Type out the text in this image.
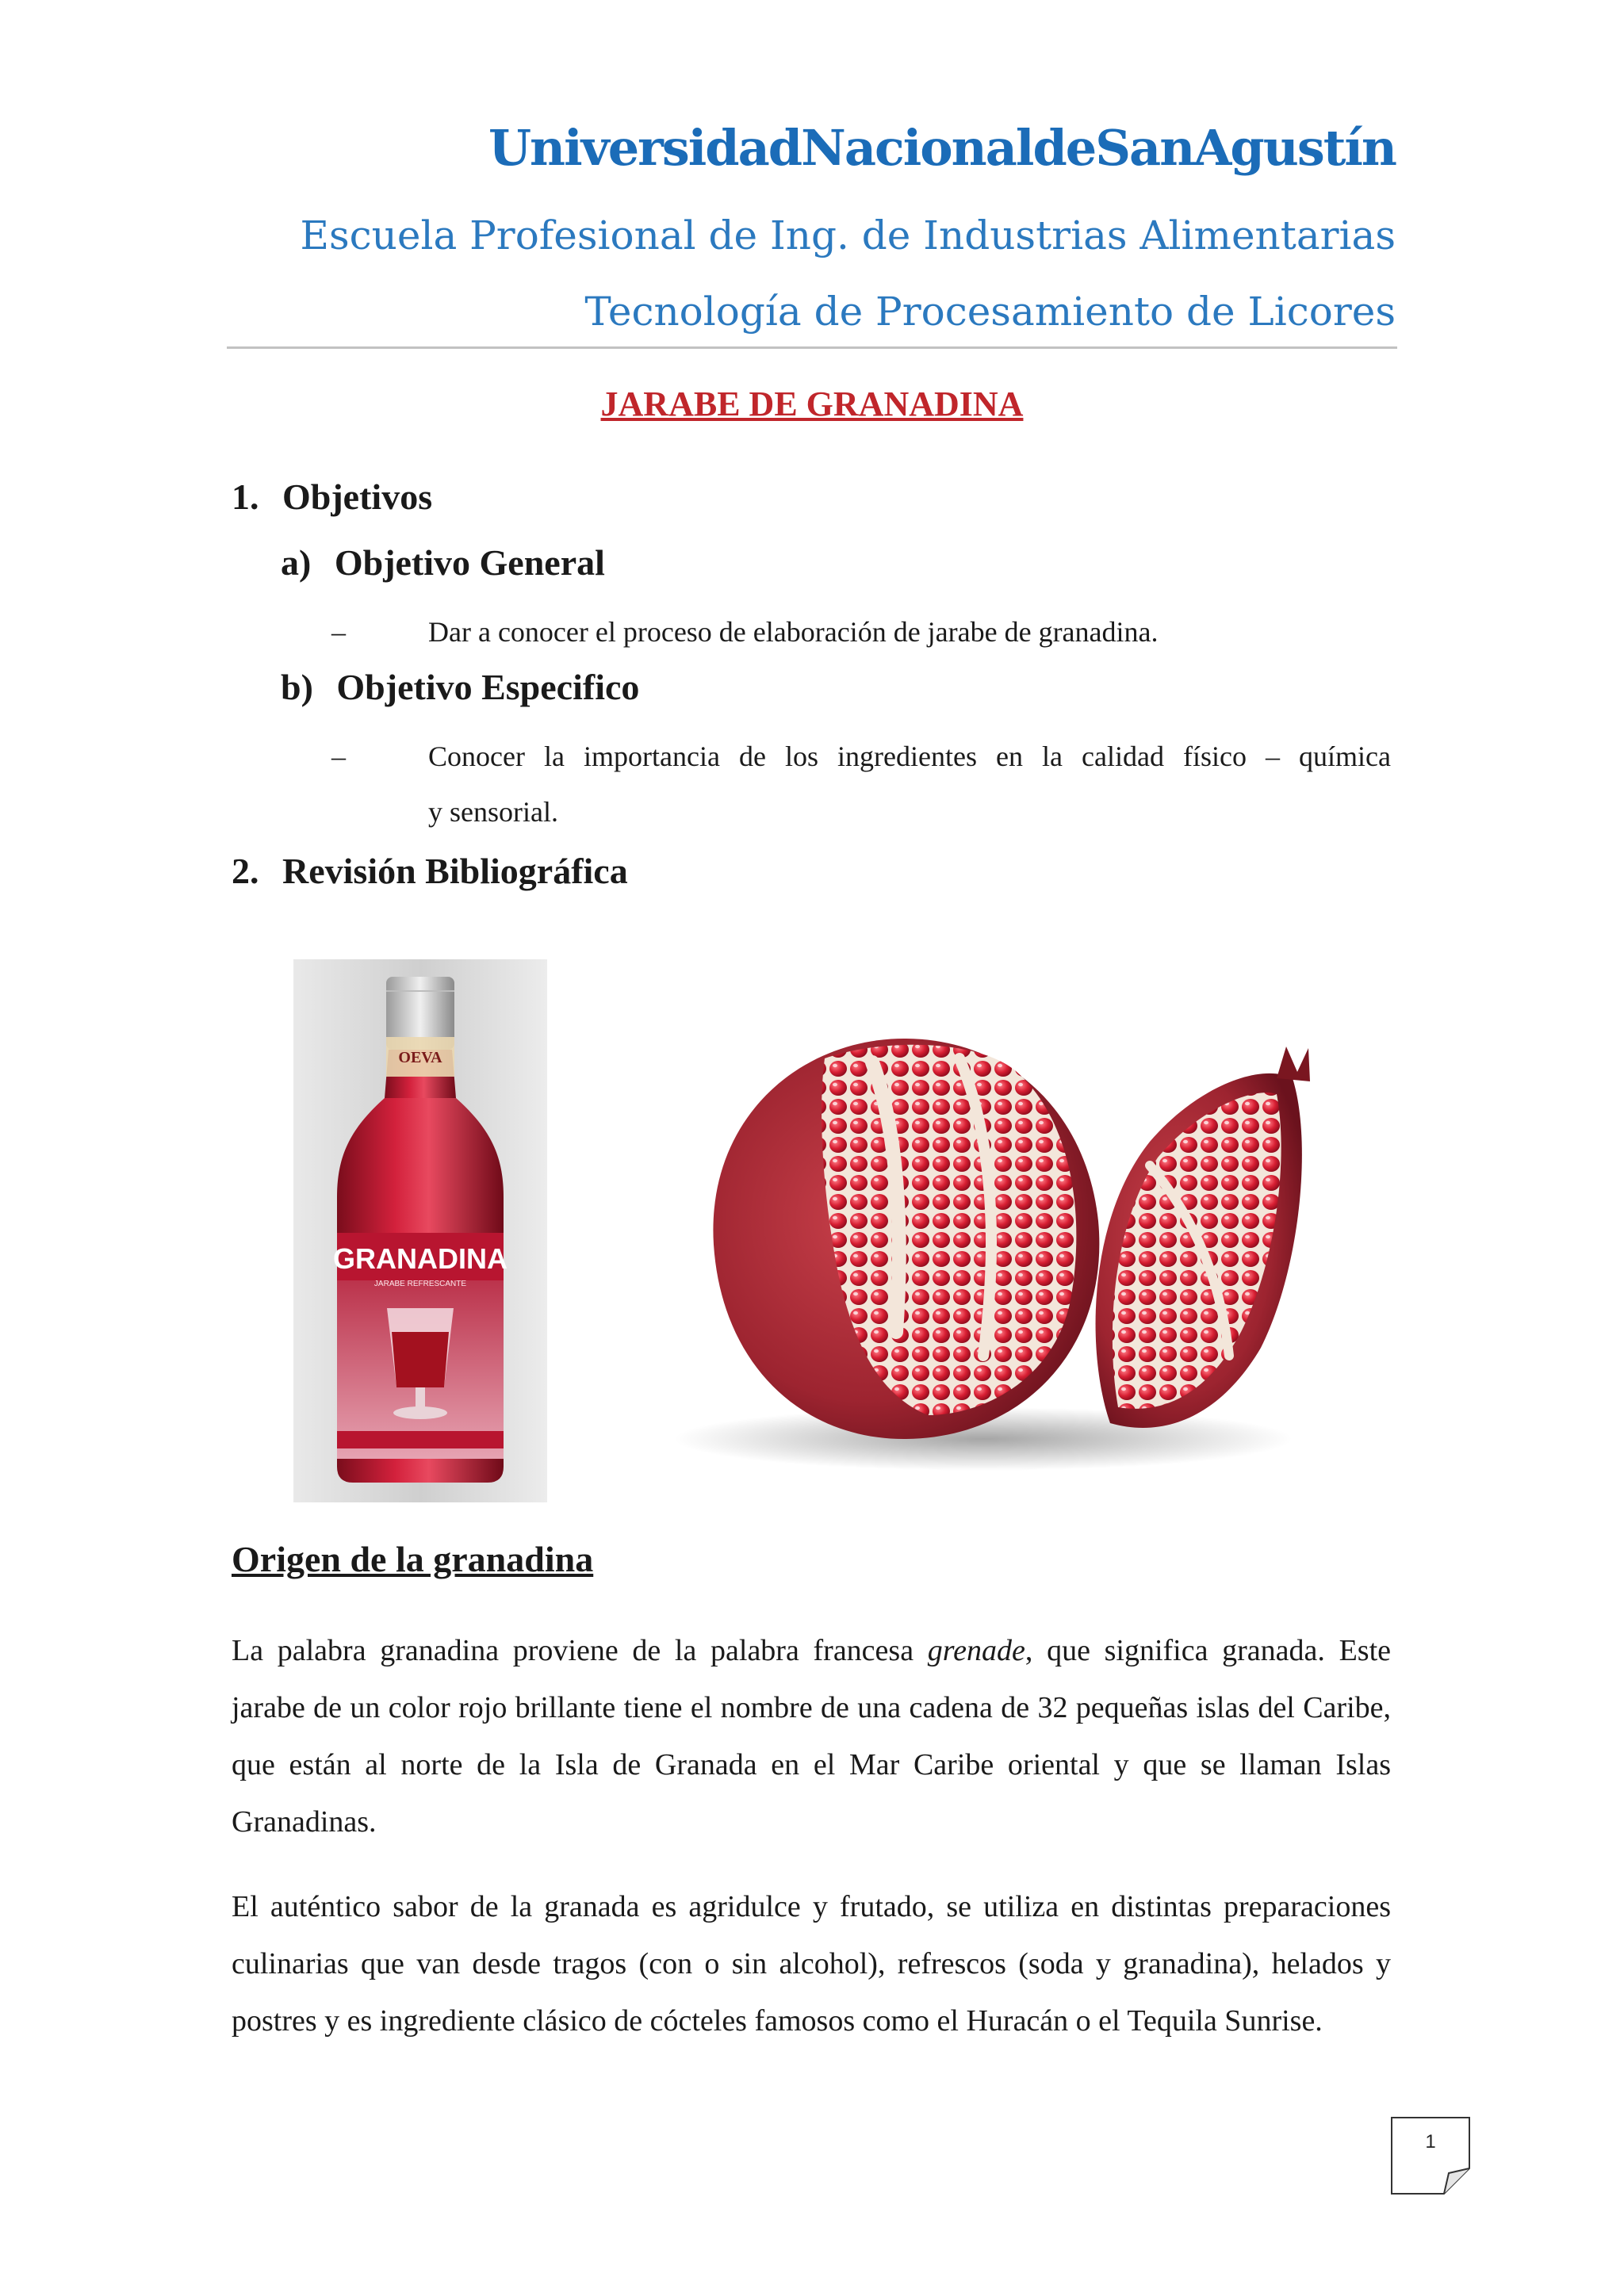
UniversidadNacionaldeSanAgustín
Escuela Profesional de Ing. de Industrias Alimentarias
Tecnología de Procesamiento de Licores
JARABE DE GRANADINA
1. Objetivos
a) Objetivo General
–	Dar a conocer el proceso de elaboración de jarabe de granadina.
b) Objetivo Especifico
–	Conocer la importancia de los ingredientes en la calidad físico – química
y sensorial.
2. Revisión Bibliográfica
OEVA
GRANADINA
JARABE REFRESCANTE
Origen de la granadina
La palabra granadina proviene de la palabra francesa grenade, que significa granada. Este jarabe de un color rojo brillante tiene el nombre de una cadena de 32 pequeñas islas del Caribe, que están al norte de la Isla de Granada en el Mar Caribe oriental y que se llaman Islas Granadinas.
El auténtico sabor de la granada es agridulce y frutado, se utiliza en distintas preparaciones culinarias que van desde tragos (con o sin alcohol), refrescos (soda y granadina), helados y postres y es ingrediente clásico de cócteles famosos como el Huracán o el Tequila Sunrise.
1
